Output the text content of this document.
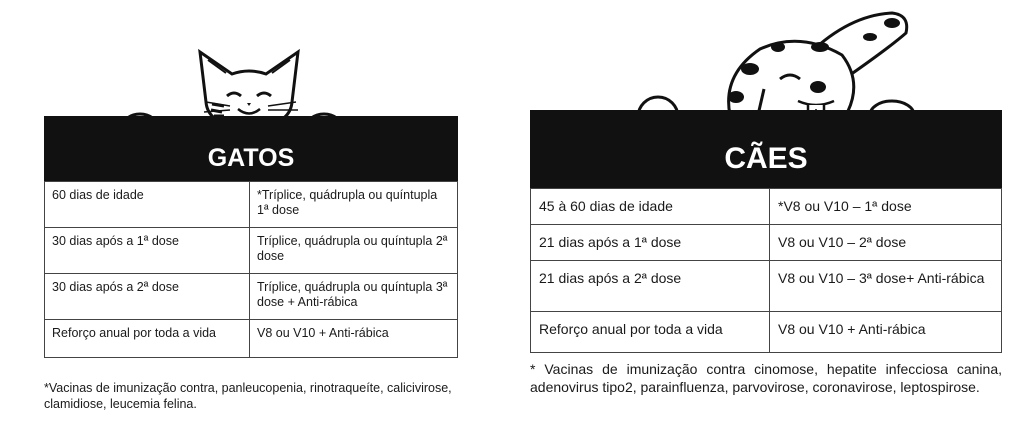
GATOS
60 dias de idade	*Tríplice, quádrupla ou quíntupla 1ª dose
30 dias após a 1ª dose	Tríplice, quádrupla ou quíntupla 2ª dose
30 dias após a 2ª dose	Tríplice, quádrupla ou quíntupla 3ª dose + Anti-rábica
Reforço anual por toda a vida	V8 ou V10 + Anti-rábica
*Vacinas de imunização contra, panleucopenia, rinotraqueíte, calicivirose, clamidiose, leucemia felina.
CÃES
45 à 60 dias de idade	*V8 ou V10 – 1ª dose
21 dias após a 1ª dose	V8 ou V10 – 2ª dose
21 dias após a 2ª dose	V8 ou V10 – 3ª dose+ Anti-rábica
Reforço anual por toda a vida	V8 ou V10 + Anti-rábica
* Vacinas de imunização contra cinomose, hepatite infecciosa canina, adenovirus tipo2, parainfluenza, parvovirose, coronavirose, leptospirose.
